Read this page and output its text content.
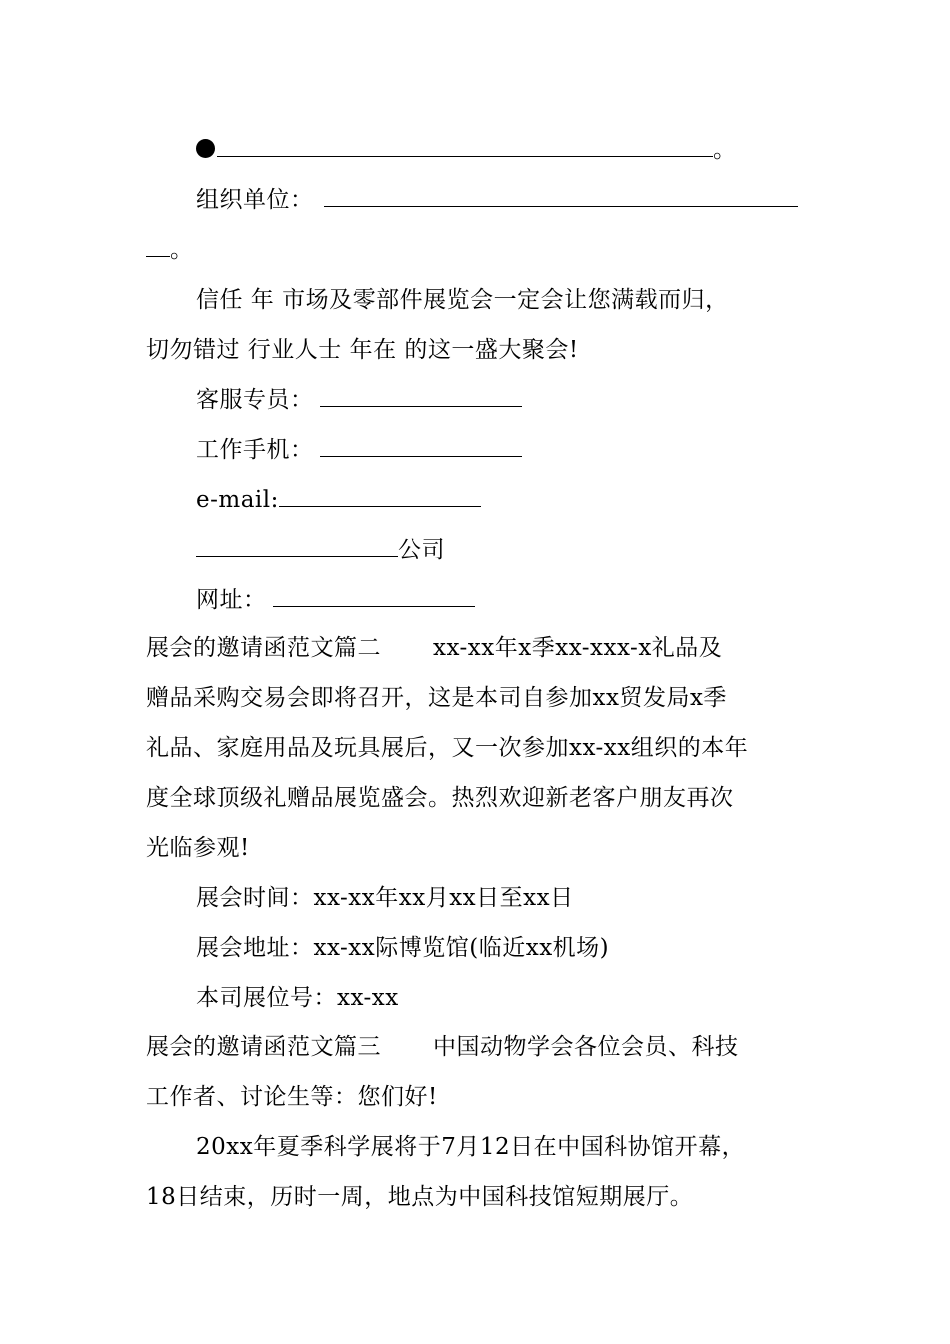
。
组织单位：
。
信任 年 市场及零部件展览会一定会让您满载而归，
切勿错过 行业人士 年在 的这一盛大聚会!
客服专员：
工作手机：
e-mail:
公司
网址：
展会的邀请函范文篇二 xx-xx年x季xx-xxx-x礼品及
赠品采购交易会即将召开，这是本司自参加xx贸发局x季
礼品、家庭用品及玩具展后，又一次参加xx-xx组织的本年
度全球顶级礼赠品展览盛会。热烈欢迎新老客户朋友再次
光临参观!
展会时间：xx-xx年xx月xx日至xx日
展会地址：xx-xx际博览馆(临近xx机场)
本司展位号：xx-xx
展会的邀请函范文篇三 中国动物学会各位会员、科技
工作者、讨论生等：您们好!
20xx年夏季科学展将于7月12日在中国科协馆开幕，
18日结束，历时一周，地点为中国科技馆短期展厅。
